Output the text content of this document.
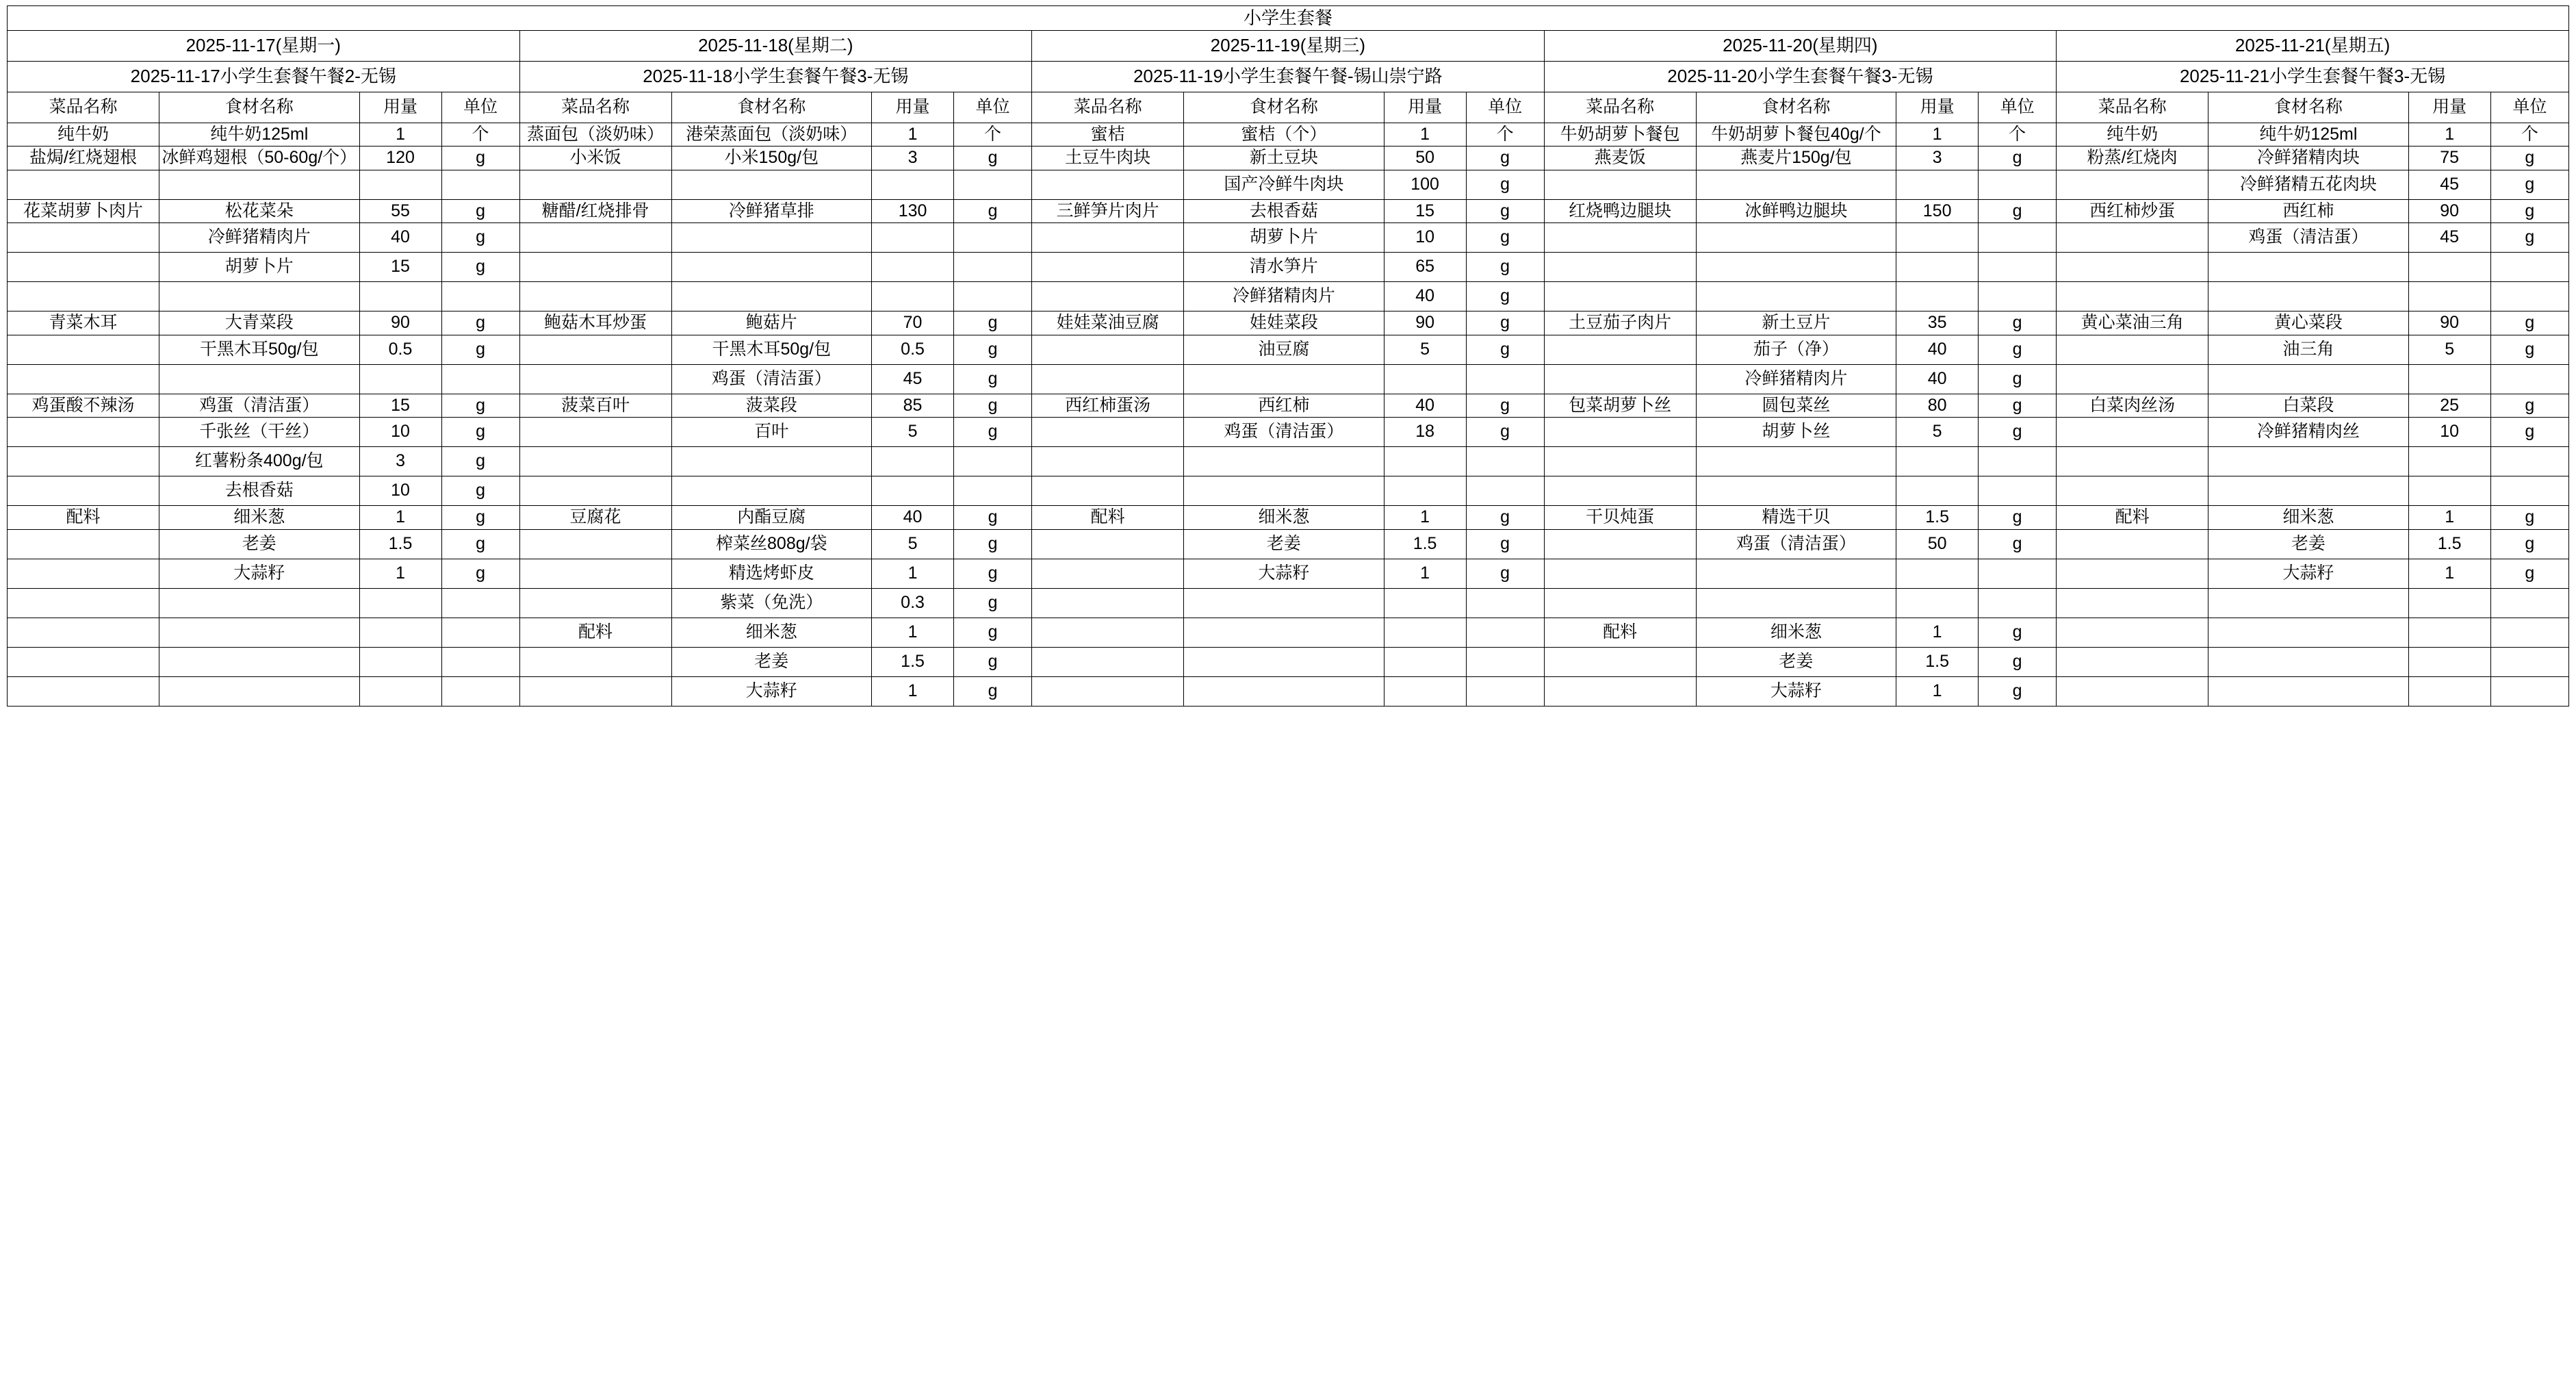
小学生套餐																			
2025-11-17(星期一)				2025-11-18(星期二)				2025-11-19(星期三)				2025-11-20(星期四)				2025-11-21(星期五)			
2025-11-17小学生套餐午餐2-无锡				2025-11-18小学生套餐午餐3-无锡				2025-11-19小学生套餐午餐-锡山崇宁路				2025-11-20小学生套餐午餐3-无锡				2025-11-21小学生套餐午餐3-无锡			
菜品名称	食材名称	用量	单位	菜品名称	食材名称	用量	单位	菜品名称	食材名称	用量	单位	菜品名称	食材名称	用量	单位	菜品名称	食材名称	用量	单位
纯牛奶	纯牛奶125ml	1	个	蒸面包（淡奶味）	港荣蒸面包（淡奶味）	1	个	蜜桔	蜜桔（个）	1	个	牛奶胡萝卜餐包	牛奶胡萝卜餐包40g/个	1	个	纯牛奶	纯牛奶125ml	1	个
盐焗/红烧翅根	冰鲜鸡翅根（50-60g/个）	120	g	小米饭	小米150g/包	3	g	土豆牛肉块	新土豆块	50	g	燕麦饭	燕麦片150g/包	3	g	粉蒸/红烧肉	冷鲜猪精肉块	75	g
									国产冷鲜牛肉块	100	g						冷鲜猪精五花肉块	45	g
花菜胡萝卜肉片	松花菜朵	55	g	糖醋/红烧排骨	冷鲜猪草排	130	g	三鲜笋片肉片	去根香菇	15	g	红烧鸭边腿块	冰鲜鸭边腿块	150	g	西红柿炒蛋	西红柿	90	g
	冷鲜猪精肉片	40	g						胡萝卜片	10	g						鸡蛋（清洁蛋）	45	g
	胡萝卜片	15	g						清水笋片	65	g								
									冷鲜猪精肉片	40	g								
青菜木耳	大青菜段	90	g	鲍菇木耳炒蛋	鲍菇片	70	g	娃娃菜油豆腐	娃娃菜段	90	g	土豆茄子肉片	新土豆片	35	g	黄心菜油三角	黄心菜段	90	g
	干黑木耳50g/包	0.5	g		干黑木耳50g/包	0.5	g		油豆腐	5	g		茄子（净）	40	g		油三角	5	g
					鸡蛋（清洁蛋）	45	g						冷鲜猪精肉片	40	g				
鸡蛋酸不辣汤	鸡蛋（清洁蛋）	15	g	菠菜百叶	菠菜段	85	g	西红柿蛋汤	西红柿	40	g	包菜胡萝卜丝	圆包菜丝	80	g	白菜肉丝汤	白菜段	25	g
	千张丝（干丝）	10	g		百叶	5	g		鸡蛋（清洁蛋）	18	g		胡萝卜丝	5	g		冷鲜猪精肉丝	10	g
	红薯粉条400g/包	3	g																
	去根香菇	10	g																
配料	细米葱	1	g	豆腐花	内酯豆腐	40	g	配料	细米葱	1	g	干贝炖蛋	精选干贝	1.5	g	配料	细米葱	1	g
	老姜	1.5	g		榨菜丝808g/袋	5	g		老姜	1.5	g		鸡蛋（清洁蛋）	50	g		老姜	1.5	g
	大蒜籽	1	g		精选烤虾皮	1	g		大蒜籽	1	g						大蒜籽	1	g
					紫菜（免洗）	0.3	g												
				配料	细米葱	1	g					配料	细米葱	1	g				
					老姜	1.5	g						老姜	1.5	g				
					大蒜籽	1	g						大蒜籽	1	g				
